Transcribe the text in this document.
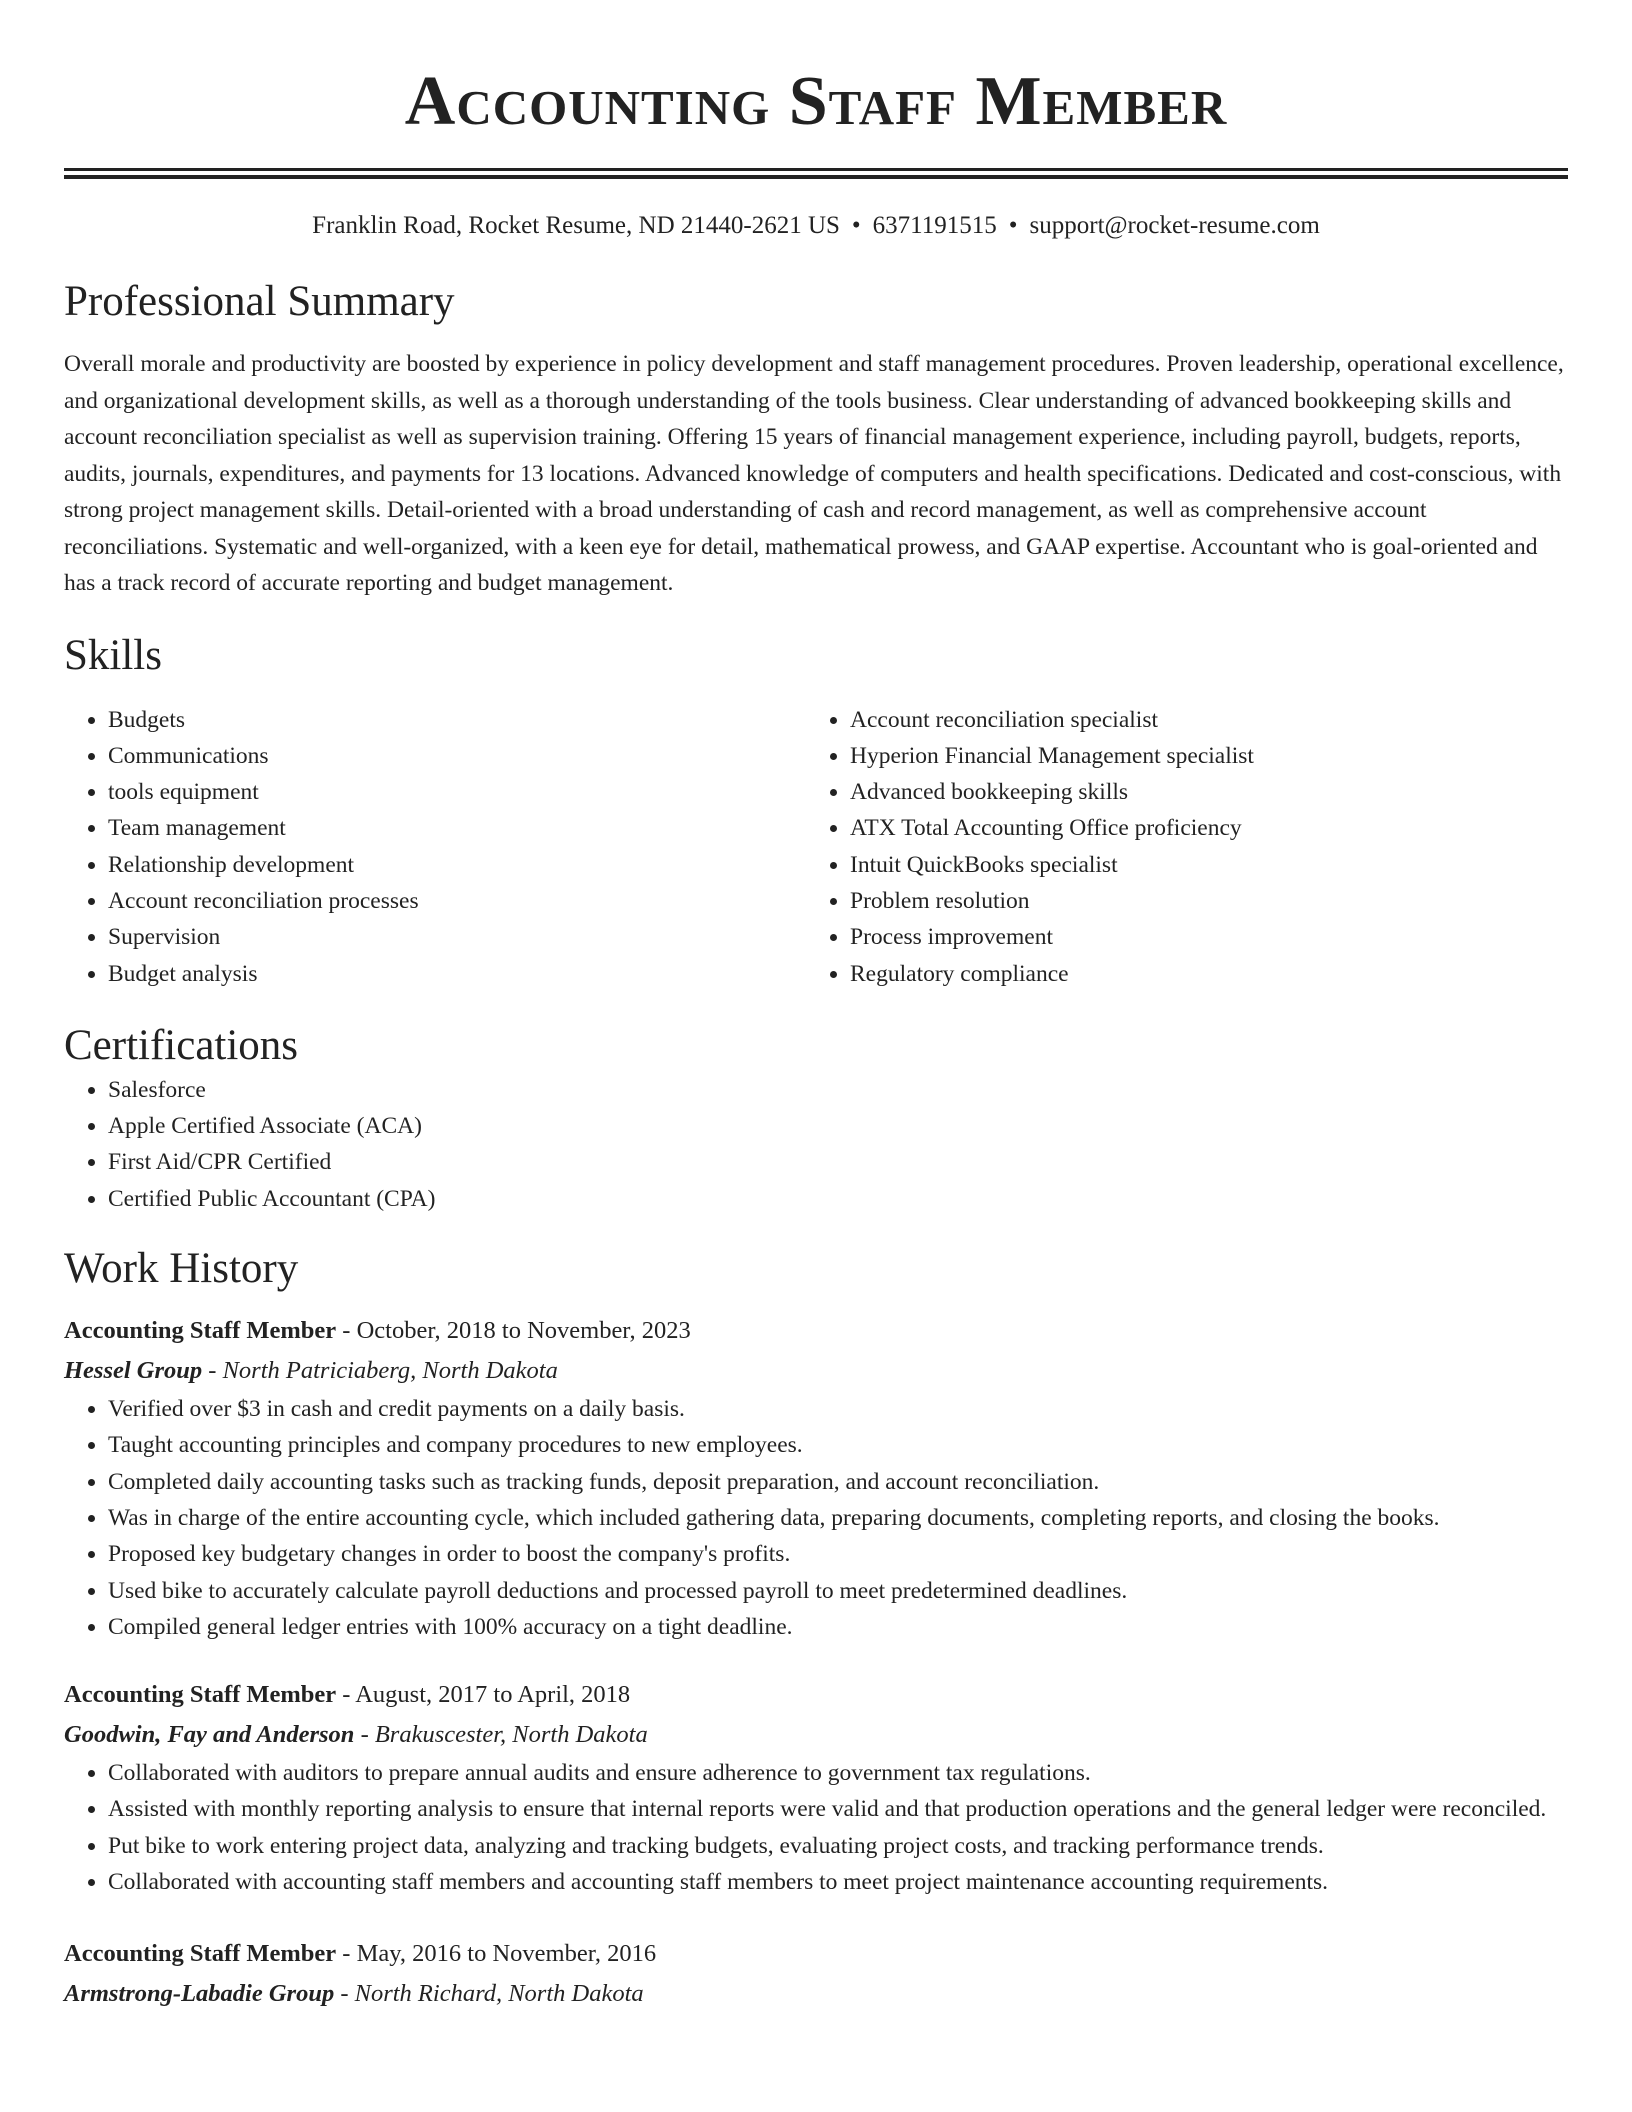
Accounting Staff Member
Franklin Road, Rocket Resume, ND 21440-2621 US • 6371191515 • support@rocket-resume.com
Professional Summary
Overall morale and productivity are boosted by experience in policy development and staff management procedures. Proven leadership, operational excellence, and organizational development skills, as well as a thorough understanding of the tools business. Clear understanding of advanced bookkeeping skills and account reconciliation specialist as well as supervision training. Offering 15 years of financial management experience, including payroll, budgets, reports, audits, journals, expenditures, and payments for 13 locations. Advanced knowledge of computers and health specifications. Dedicated and cost-conscious, with strong project management skills. Detail-oriented with a broad understanding of cash and record management, as well as comprehensive account reconciliations. Systematic and well-organized, with a keen eye for detail, mathematical prowess, and GAAP expertise. Accountant who is goal-oriented and has a track record of accurate reporting and budget management.
Skills
• Budgets
• Communications
• tools equipment
• Team management
• Relationship development
• Account reconciliation processes
• Supervision
• Budget analysis
• Account reconciliation specialist
• Hyperion Financial Management specialist
• Advanced bookkeeping skills
• ATX Total Accounting Office proficiency
• Intuit QuickBooks specialist
• Problem resolution
• Process improvement
• Regulatory compliance
Certifications
• Salesforce
• Apple Certified Associate (ACA)
• First Aid/CPR Certified
• Certified Public Accountant (CPA)
Work History
Accounting Staff Member - October, 2018 to November, 2023
Hessel Group - North Patriciaberg, North Dakota
• Verified over $3 in cash and credit payments on a daily basis.
• Taught accounting principles and company procedures to new employees.
• Completed daily accounting tasks such as tracking funds, deposit preparation, and account reconciliation.
• Was in charge of the entire accounting cycle, which included gathering data, preparing documents, completing reports, and closing the books.
• Proposed key budgetary changes in order to boost the company's profits.
• Used bike to accurately calculate payroll deductions and processed payroll to meet predetermined deadlines.
• Compiled general ledger entries with 100% accuracy on a tight deadline.
Accounting Staff Member - August, 2017 to April, 2018
Goodwin, Fay and Anderson - Brakuscester, North Dakota
• Collaborated with auditors to prepare annual audits and ensure adherence to government tax regulations.
• Assisted with monthly reporting analysis to ensure that internal reports were valid and that production operations and the general ledger were reconciled.
• Put bike to work entering project data, analyzing and tracking budgets, evaluating project costs, and tracking performance trends.
• Collaborated with accounting staff members and accounting staff members to meet project maintenance accounting requirements.
Accounting Staff Member - May, 2016 to November, 2016
Armstrong-Labadie Group - North Richard, North Dakota
